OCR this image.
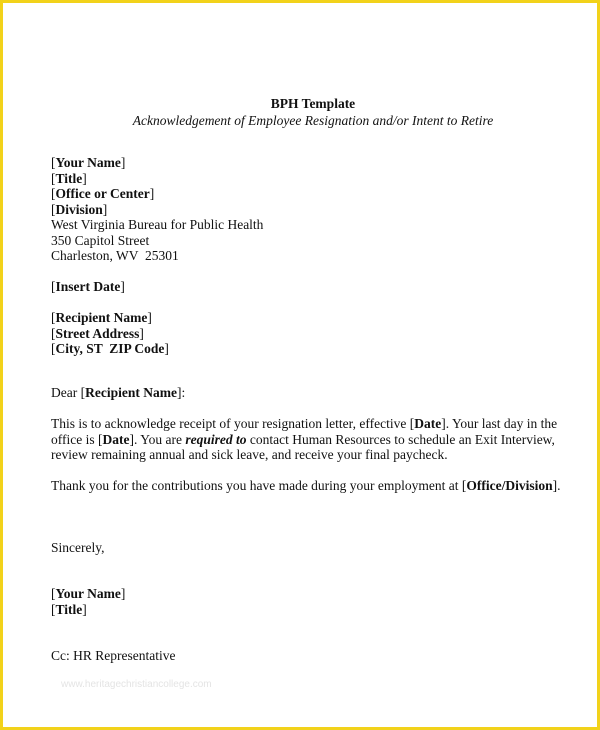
BPH Template
Acknowledgement of Employee Resignation and/or Intent to Retire
[Your Name]
[Title]
[Office or Center]
[Division]
West Virginia Bureau for Public Health
350 Capitol Street
Charleston, WV  25301
[Insert Date]
[Recipient Name]
[Street Address]
[City, ST  ZIP Code]
Dear [Recipient Name]:
This is to acknowledge receipt of your resignation letter, effective [Date]. Your last day in the office is [Date]. You are required to contact Human Resources to schedule an Exit Interview, review remaining annual and sick leave, and receive your final paycheck.
Thank you for the contributions you have made during your employment at [Office/Division].
Sincerely,
[Your Name]
[Title]
Cc: HR Representative
www.heritagechristiancollege.com
